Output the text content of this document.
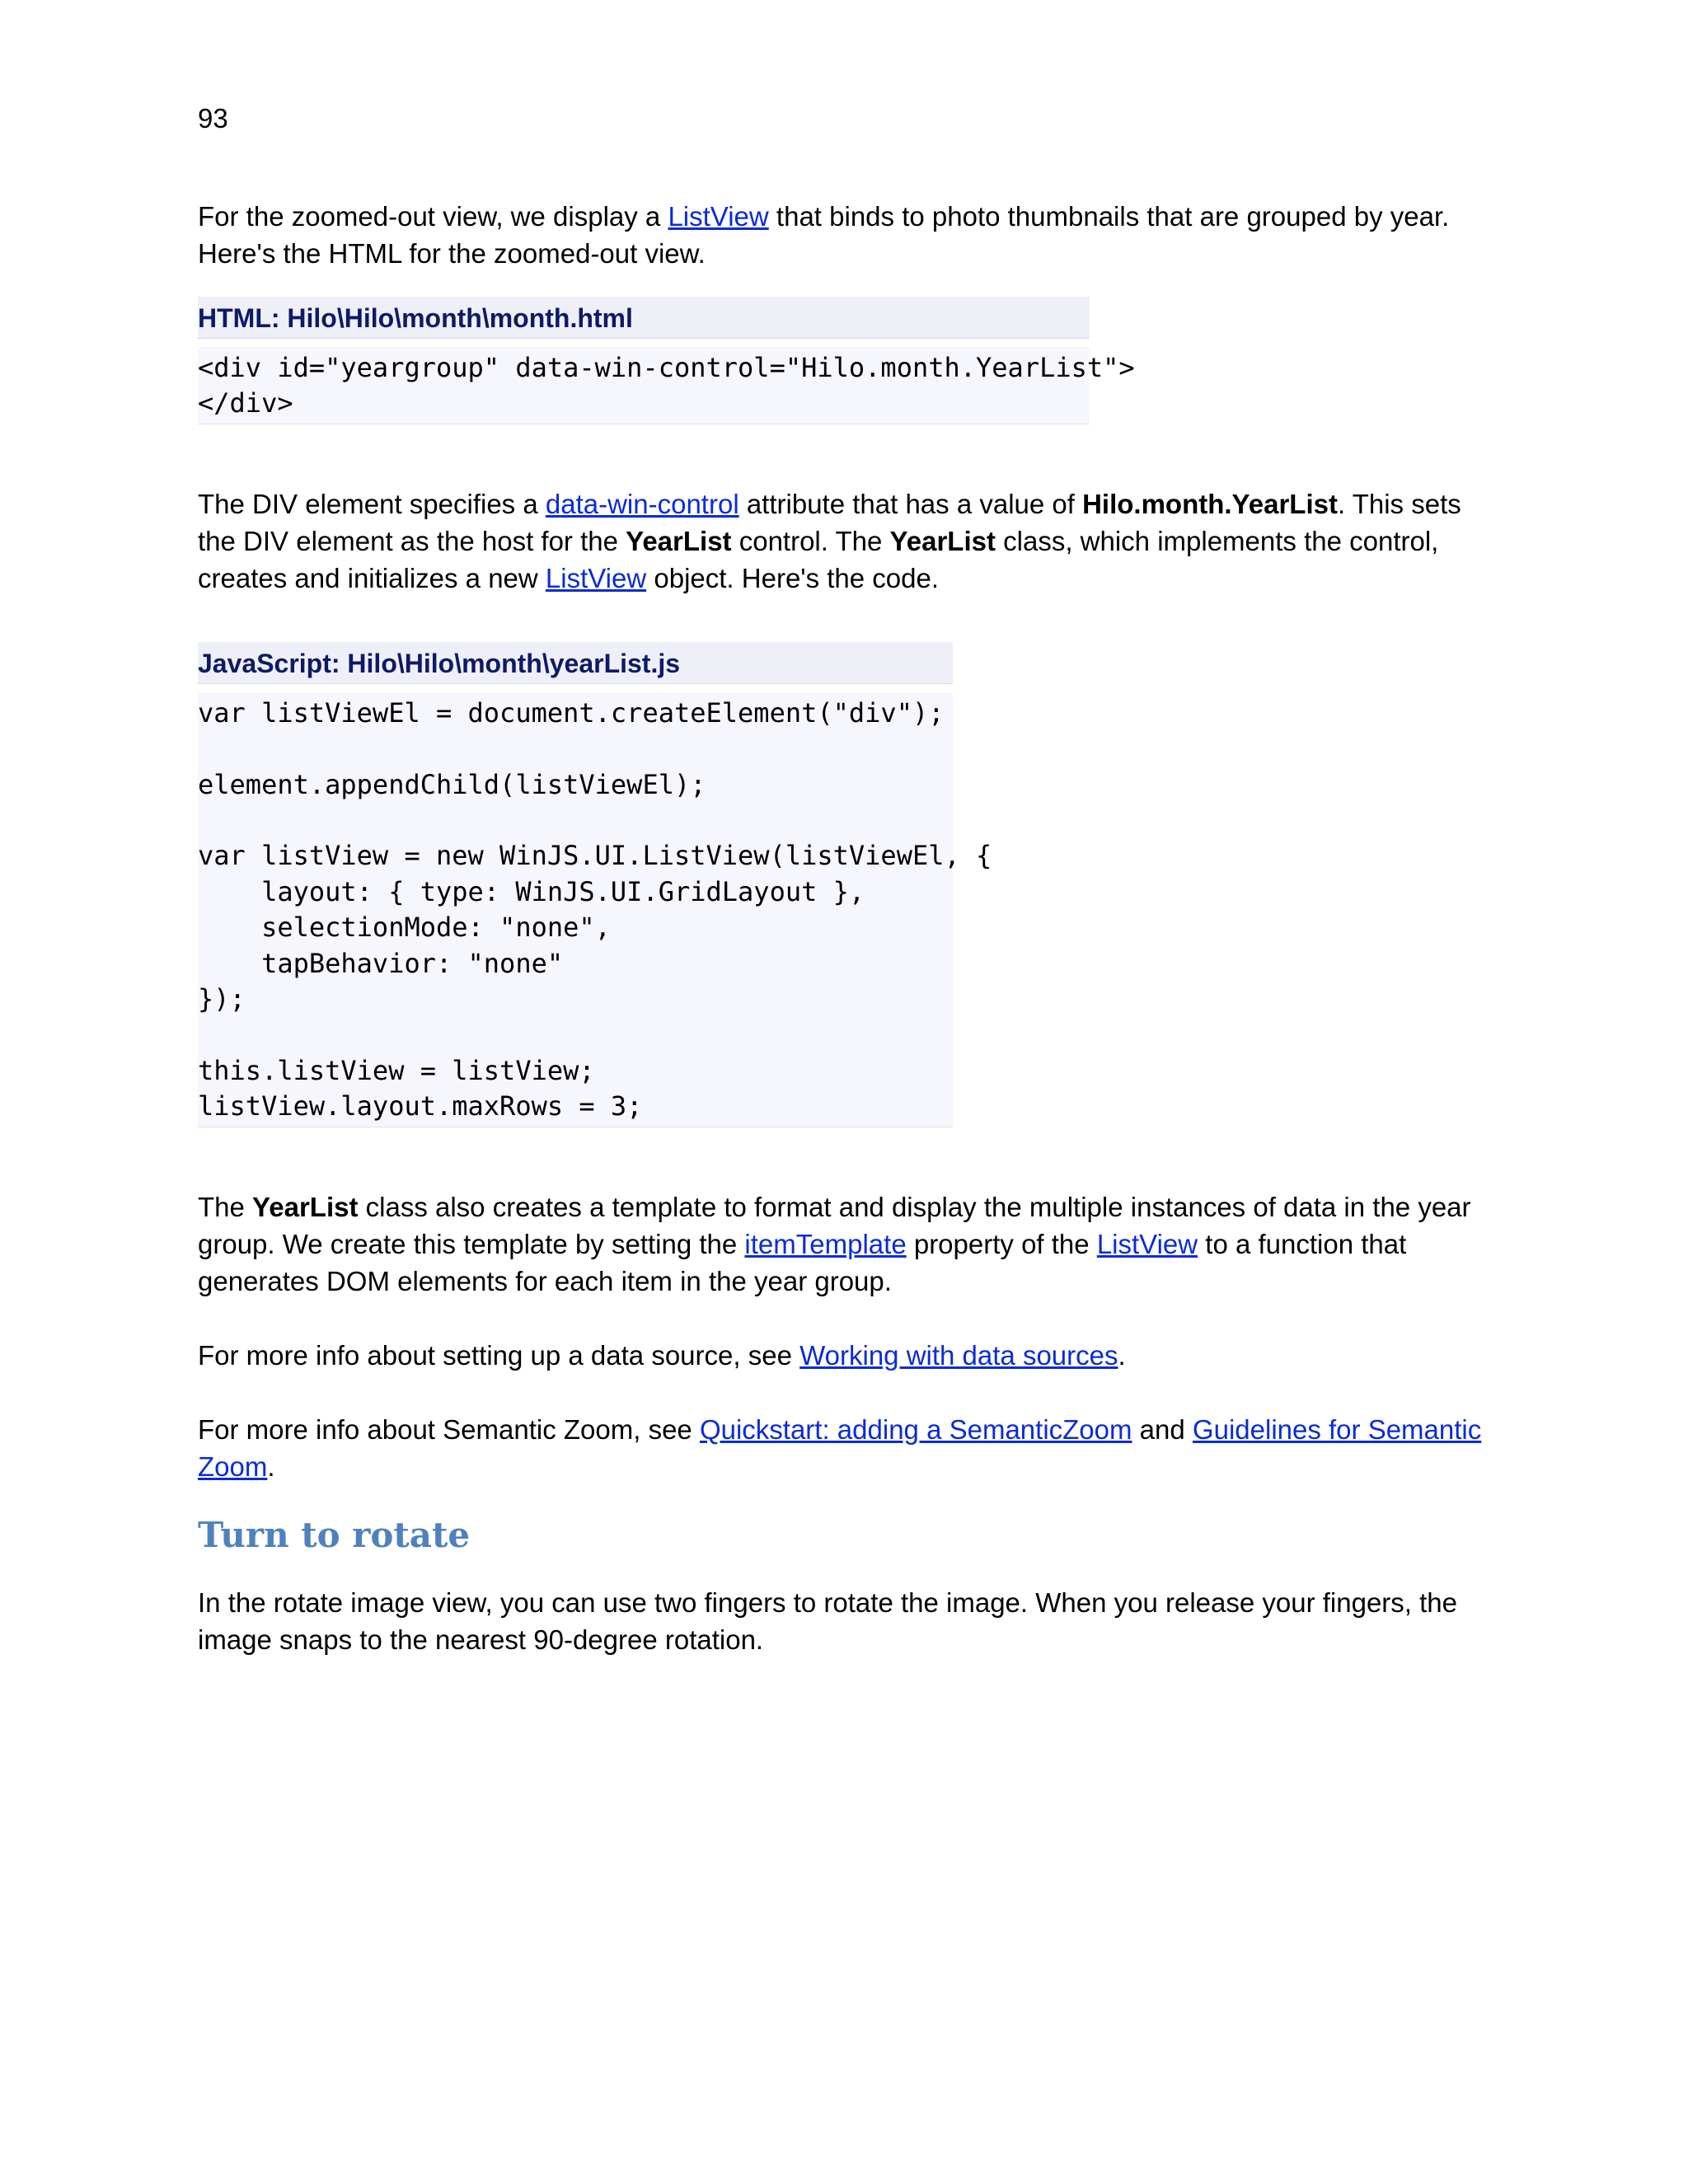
93

For the zoomed-out view, we display a ListView that binds to photo thumbnails that are grouped by year. Here's the HTML for the zoomed-out view.

HTML: Hilo\Hilo\month\month.html
<div id="yeargroup" data-win-control="Hilo.month.YearList">
</div>

The DIV element specifies a data-win-control attribute that has a value of Hilo.month.YearList. This sets the DIV element as the host for the YearList control. The YearList class, which implements the control, creates and initializes a new ListView object. Here's the code.

JavaScript: Hilo\Hilo\month\yearList.js
var listViewEl = document.createElement("div");

element.appendChild(listViewEl);

var listView = new WinJS.UI.ListView(listViewEl, {
layout: { type: WinJS.UI.GridLayout },
selectionMode: "none",
tapBehavior: "none"
});

this.listView = listView;
listView.layout.maxRows = 3;

The YearList class also creates a template to format and display the multiple instances of data in the year group. We create this template by setting the itemTemplate property of the ListView to a function that generates DOM elements for each item in the year group.

For more info about setting up a data source, see Working with data sources.

For more info about Semantic Zoom, see Quickstart: adding a SemanticZoom and Guidelines for Semantic Zoom.

Turn to rotate

In the rotate image view, you can use two fingers to rotate the image. When you release your fingers, the image snaps to the nearest 90-degree rotation.
